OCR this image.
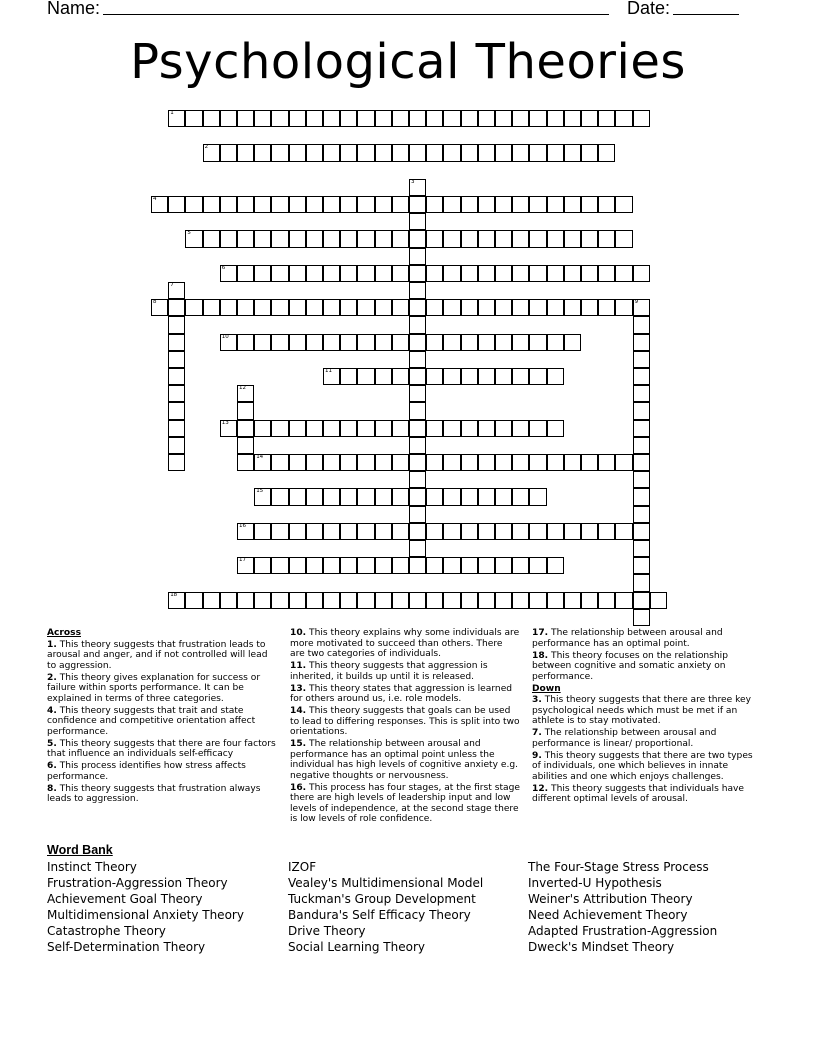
Name:	Date:
Psychological Theories
1
2
4
5
6
8	9
10
11
13
14
15
16
17
18
3
7
12
Across
1. This theory suggests that frustration leads to arousal and anger, and if not controlled will lead to aggression.
2. This theory gives explanation for success or failure within sports performance. It can be explained in terms of three categories.
4. This theory suggests that trait and state confidence and competitive orientation affect performance.
5. This theory suggests that there are four factors that influence an individuals self-efficacy
6. This process identifies how stress affects performance.
8. This theory suggests that frustration always leads to aggression.
10. This theory explains why some individuals are more motivated to succeed than others. There are two categories of individuals.
11. This theory suggests that aggression is inherited, it builds up until it is released.
13. This theory states that aggression is learned for others around us, i.e. role models.
14. This theory suggests that goals can be used to lead to differing responses. This is split into two orientations.
15. The relationship between arousal and performance has an optimal point unless the individual has high levels of cognitive anxiety e.g. negative thoughts or nervousness.
16. This process has four stages, at the first stage there are high levels of leadership input and low levels of independence, at the second stage there is low levels of role confidence.
17. The relationship between arousal and performance has an optimal point.
18. This theory focuses on the relationship between cognitive and somatic anxiety on performance.
Down
3. This theory suggests that there are three key psychological needs which must be met if an athlete is to stay motivated.
7. The relationship between arousal and performance is linear/ proportional.
9. This theory suggests that there are two types of individuals, one which believes in innate abilities and one which enjoys challenges.
12. This theory suggests that individuals have different optimal levels of arousal.
Word Bank
Instinct Theory
Frustration-Aggression Theory
Achievement Goal Theory
Multidimensional Anxiety Theory
Catastrophe Theory
Self-Determination Theory
IZOF
Vealey's Multidimensional Model
Tuckman's Group Development
Bandura's Self Efficacy Theory
Drive Theory
Social Learning Theory
The Four-Stage Stress Process
Inverted-U Hypothesis
Weiner's Attribution Theory
Need Achievement Theory
Adapted Frustration-Aggression
Dweck's Mindset Theory
